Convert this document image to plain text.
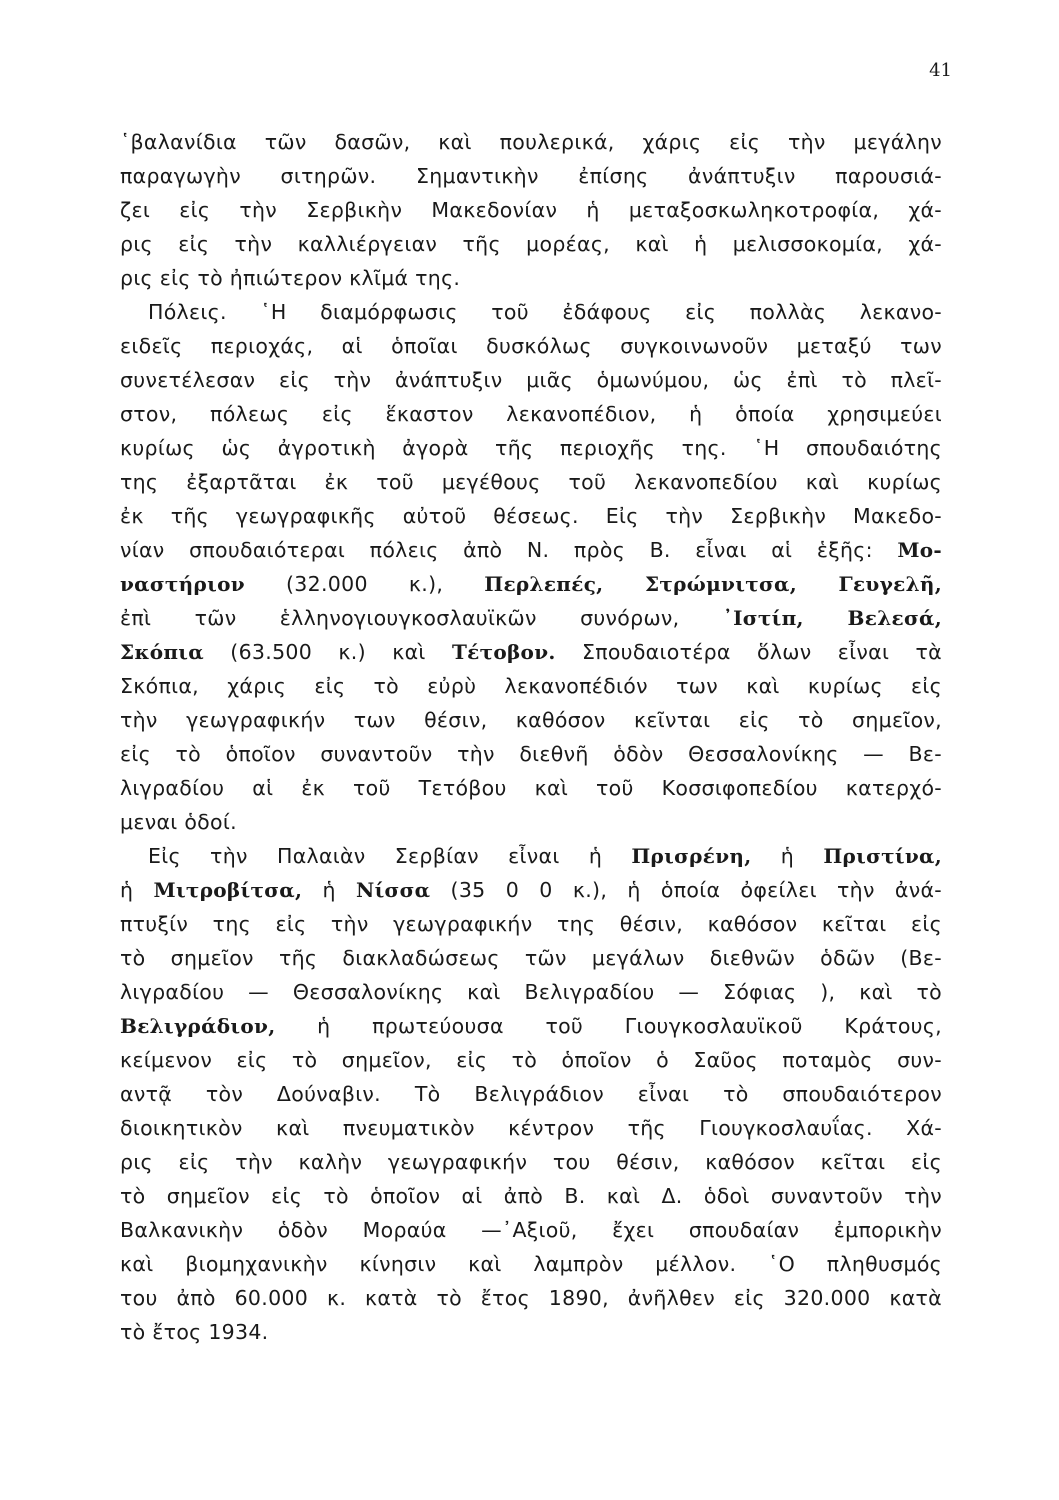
41
῾βαλανίδια τῶν δασῶν, καὶ πουλερικά, χάρις εἰς τὴν μεγάλην
παραγωγὴν σιτηρῶν. Σημαντικὴν ἐπίσης ἀνάπτυξιν παρουσιά-
ζει εἰς τὴν Σερβικὴν Μακεδονίαν ἡ μεταξοσκωληκοτροφία, χά-
ρις εἰς τὴν καλλιέργειαν τῆς μορέας, καὶ ἡ μελισσοκομία, χά-
ρις εἰς τὸ ἠπιώτερον κλῖμά της.
Πόλεις. ῾Η διαμόρφωσις τοῦ ἐδάφους εἰς πολλὰς λεκανο-
ειδεῖς περιοχάς, αἱ ὁποῖαι δυσκόλως συγκοινωνοῦν μεταξύ των
συνετέλεσαν εἰς τὴν ἀνάπτυξιν μιᾶς ὁμωνύμου, ὡς ἐπὶ τὸ πλεῖ-
στον, πόλεως εἰς ἕκαστον λεκανοπέδιον, ἡ ὁποία χρησιμεύει
κυρίως ὡς ἀγροτικὴ ἀγορὰ τῆς περιοχῆς της. ῾Η σπουδαιότης
της ἐξαρτᾶται ἐκ τοῦ μεγέθους τοῦ λεκανοπεδίου καὶ κυρίως
ἐκ τῆς γεωγραφικῆς αὐτοῦ θέσεως. Εἰς τὴν Σερβικὴν Μακεδο-
νίαν σπουδαιότεραι πόλεις ἀπὸ Ν. πρὸς Β. εἶναι αἱ ἑξῆς: Μο-
ναστήριον (32.000 κ.), Περλεπές, Στρώμνιτσα, Γευγελῆ,
ἐπὶ τῶν ἑλληνογιουγκοσλαυϊκῶν συνόρων, ᾿Ιστίπ, Βελεσά,
Σκόπια (63.500 κ.) καὶ Τέτοβον. Σπουδαιοτέρα ὅλων εἶναι τὰ
Σκόπια, χάρις εἰς τὸ εὐρὺ λεκανοπέδιόν των καὶ κυρίως εἰς
τὴν γεωγραφικήν των θέσιν, καθόσον κεῖνται εἰς τὸ σημεῖον,
εἰς τὸ ὁποῖον συναντοῦν τὴν διεθνῆ ὁδὸν Θεσσαλονίκης — Βε-
λιγραδίου αἱ ἐκ τοῦ Τετόβου καὶ τοῦ Κοσσιφοπεδίου κατερχό-
μεναι ὁδοί.
Εἰς τὴν Παλαιὰν Σερβίαν εἶναι ἡ Πρισρένη, ἡ Πριστίνα,
ἡ Μιτροβίτσα, ἡ Νίσσα (35 0 0 κ.), ἡ ὁποία ὀφείλει τὴν ἀνά-
πτυξίν της εἰς τὴν γεωγραφικήν της θέσιν, καθόσον κεῖται εἰς
τὸ σημεῖον τῆς διακλαδώσεως τῶν μεγάλων διεθνῶν ὁδῶν (Βε-
λιγραδίου — Θεσσαλονίκης καὶ Βελιγραδίου — Σόφιας ), καὶ τὸ
Βελιγράδιον, ἡ πρωτεύουσα τοῦ Γιουγκοσλαυϊκοῦ Κράτους,
κείμενον εἰς τὸ σημεῖον, εἰς τὸ ὁποῖον ὁ Σαῦος ποταμὸς συν-
αντᾷ τὸν Δούναβιν. Τὸ Βελιγράδιον εἶναι τὸ σπουδαιότερον
διοικητικὸν καὶ πνευματικὸν κέντρον τῆς Γιουγκοσλαυΐας. Χά-
ρις εἰς τὴν καλὴν γεωγραφικήν του θέσιν, καθόσον κεῖται εἰς
τὸ σημεῖον εἰς τὸ ὁποῖον αἱ ἀπὸ Β. καὶ Δ. ὁδοὶ συναντοῦν τὴν
Βαλκανικὴν ὁδὸν Μοραύα —᾿Αξιοῦ, ἔχει σπουδαίαν ἐμπορικὴν
καὶ βιομηχανικὴν κίνησιν καὶ λαμπρὸν μέλλον. ῾Ο πληθυσμός
του ἀπὸ 60.000 κ. κατὰ τὸ ἔτος 1890, ἀνῆλθεν εἰς 320.000 κατὰ
τὸ ἔτος 1934.
